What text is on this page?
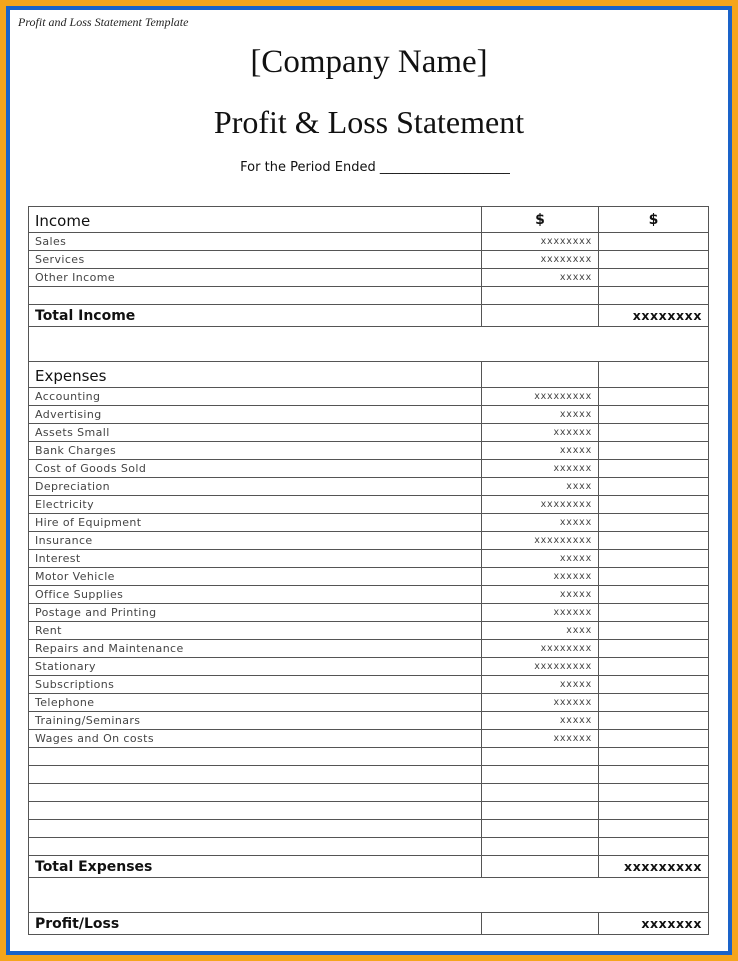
Profit and Loss Statement Template
[Company Name]
Profit & Loss Statement
For the Period Ended ____________________
Income	$	$
Sales	xxxxxxxx	
Services	xxxxxxxx	
Other Income	xxxxx	

Total Income		xxxxxxxx

Expenses		
Accounting	xxxxxxxxx	
Advertising	xxxxx	
Assets Small	xxxxxx	
Bank Charges	xxxxx	
Cost of Goods Sold	xxxxxx	
Depreciation	xxxx	
Electricity	xxxxxxxx	
Hire of Equipment	xxxxx	
Insurance	xxxxxxxxx	
Interest	xxxxx	
Motor Vehicle	xxxxxx	
Office Supplies	xxxxx	
Postage and Printing	xxxxxx	
Rent	xxxx	
Repairs and Maintenance	xxxxxxxx	
Stationary	xxxxxxxxx	
Subscriptions	xxxxx	
Telephone	xxxxxx	
Training/Seminars	xxxxx	
Wages and On costs	xxxxxx	

Total Expenses		xxxxxxxxx

Profit/Loss		xxxxxxx
